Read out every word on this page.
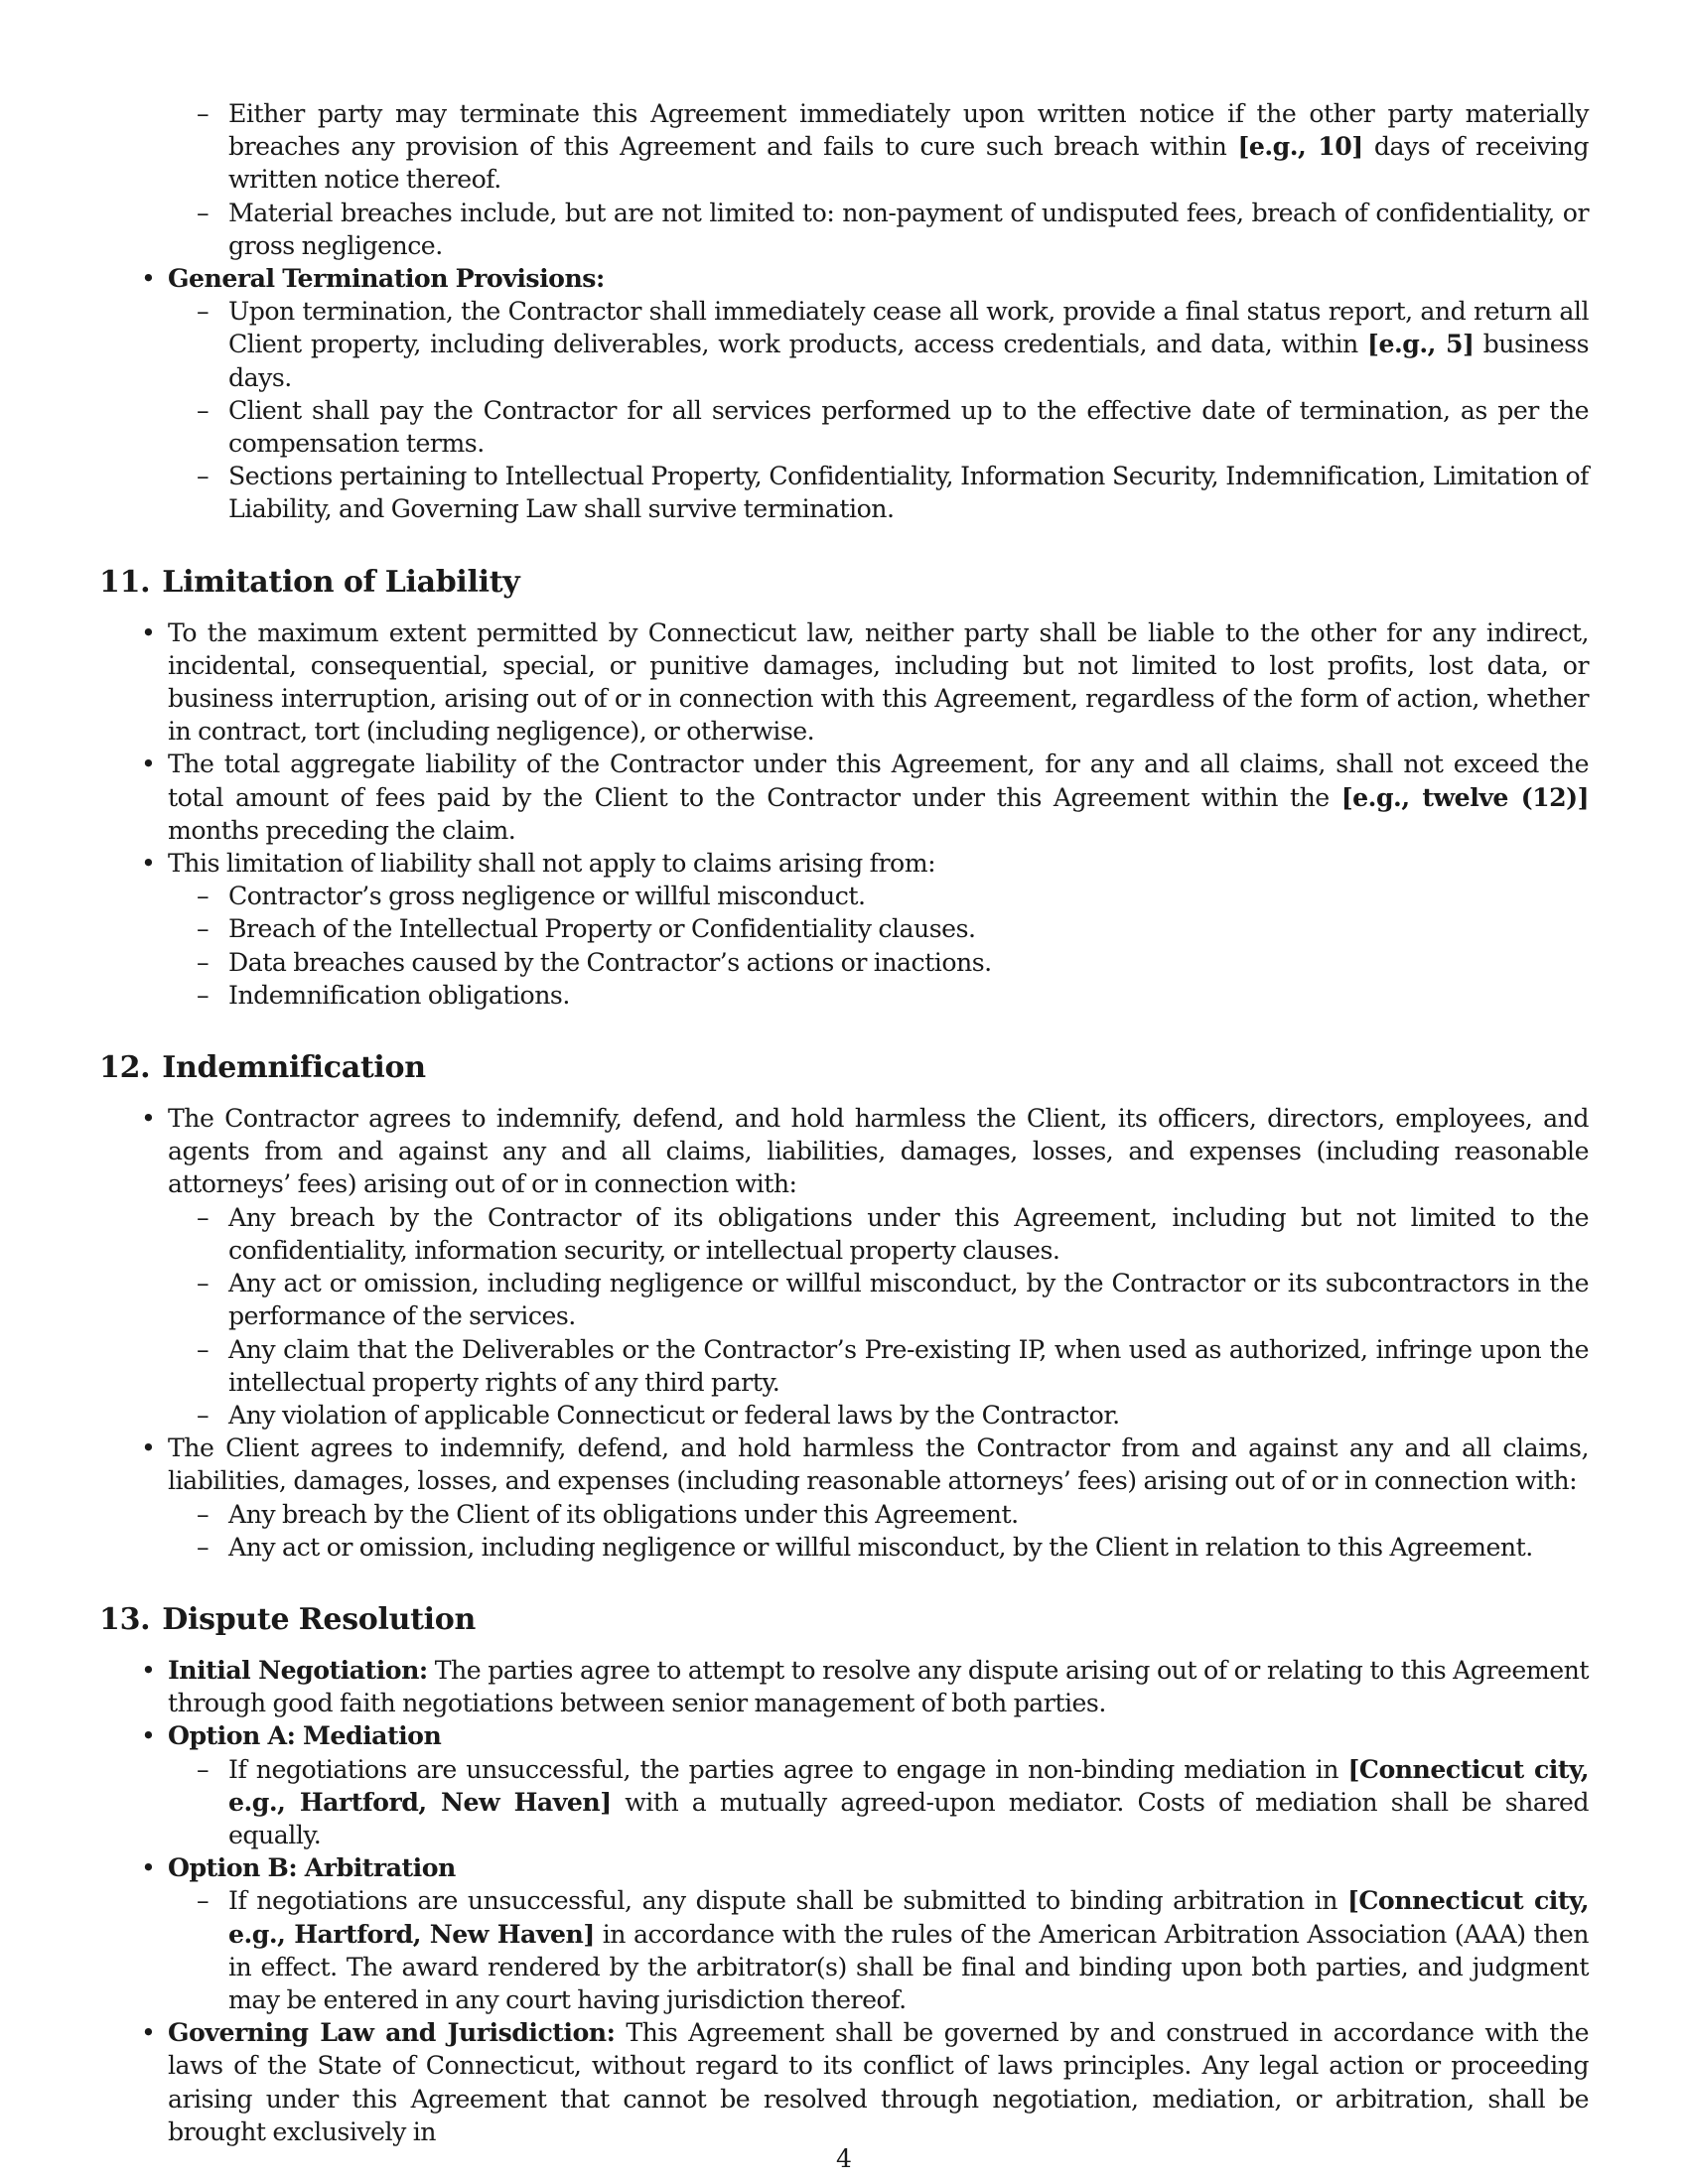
– Either party may terminate this Agreement immediately upon written notice if the other party materially breaches any provision of this Agreement and fails to cure such breach within [e.g., 10] days of receiving written notice thereof.
– Material breaches include, but are not limited to: non-payment of undisputed fees, breach of confidentiality, or gross negligence.
• General Termination Provisions:
– Upon termination, the Contractor shall immediately cease all work, provide a final status report, and return all Client property, including deliverables, work products, access credentials, and data, within [e.g., 5] business days.
– Client shall pay the Contractor for all services performed up to the effective date of termination, as per the compensation terms.
– Sections pertaining to Intellectual Property, Confidentiality, Information Security, Indemnification, Limitation of Liability, and Governing Law shall survive termination.
11. Limitation of Liability
• To the maximum extent permitted by Connecticut law, neither party shall be liable to the other for any indirect, incidental, consequential, special, or punitive damages, including but not limited to lost profits, lost data, or business interruption, arising out of or in connection with this Agreement, regardless of the form of action, whether in contract, tort (including negligence), or otherwise.
• The total aggregate liability of the Contractor under this Agreement, for any and all claims, shall not exceed the total amount of fees paid by the Client to the Contractor under this Agreement within the [e.g., twelve (12)] months preceding the claim.
• This limitation of liability shall not apply to claims arising from:
– Contractor’s gross negligence or willful misconduct.
– Breach of the Intellectual Property or Confidentiality clauses.
– Data breaches caused by the Contractor’s actions or inactions.
– Indemnification obligations.
12. Indemnification
• The Contractor agrees to indemnify, defend, and hold harmless the Client, its officers, directors, employees, and agents from and against any and all claims, liabilities, damages, losses, and expenses (including reasonable attorneys’ fees) arising out of or in connection with:
– Any breach by the Contractor of its obligations under this Agreement, including but not limited to the confidentiality, information security, or intellectual property clauses.
– Any act or omission, including negligence or willful misconduct, by the Contractor or its subcontractors in the performance of the services.
– Any claim that the Deliverables or the Contractor’s Pre-existing IP, when used as authorized, infringe upon the intellectual property rights of any third party.
– Any violation of applicable Connecticut or federal laws by the Contractor.
• The Client agrees to indemnify, defend, and hold harmless the Contractor from and against any and all claims, liabilities, damages, losses, and expenses (including reasonable attorneys’ fees) arising out of or in connection with:
– Any breach by the Client of its obligations under this Agreement.
– Any act or omission, including negligence or willful misconduct, by the Client in relation to this Agreement.
13. Dispute Resolution
• Initial Negotiation: The parties agree to attempt to resolve any dispute arising out of or relating to this Agreement through good faith negotiations between senior management of both parties.
• Option A: Mediation
– If negotiations are unsuccessful, the parties agree to engage in non-binding mediation in [Connecticut city, e.g., Hartford, New Haven] with a mutually agreed-upon mediator. Costs of mediation shall be shared equally.
• Option B: Arbitration
– If negotiations are unsuccessful, any dispute shall be submitted to binding arbitration in [Connecticut city, e.g., Hartford, New Haven] in accordance with the rules of the American Arbitration Association (AAA) then in effect. The award rendered by the arbitrator(s) shall be final and binding upon both parties, and judgment may be entered in any court having jurisdiction thereof.
• Governing Law and Jurisdiction: This Agreement shall be governed by and construed in accordance with the laws of the State of Connecticut, without regard to its conflict of laws principles. Any legal action or proceeding arising under this Agreement that cannot be resolved through negotiation, mediation, or arbitration, shall be brought exclusively in
4
